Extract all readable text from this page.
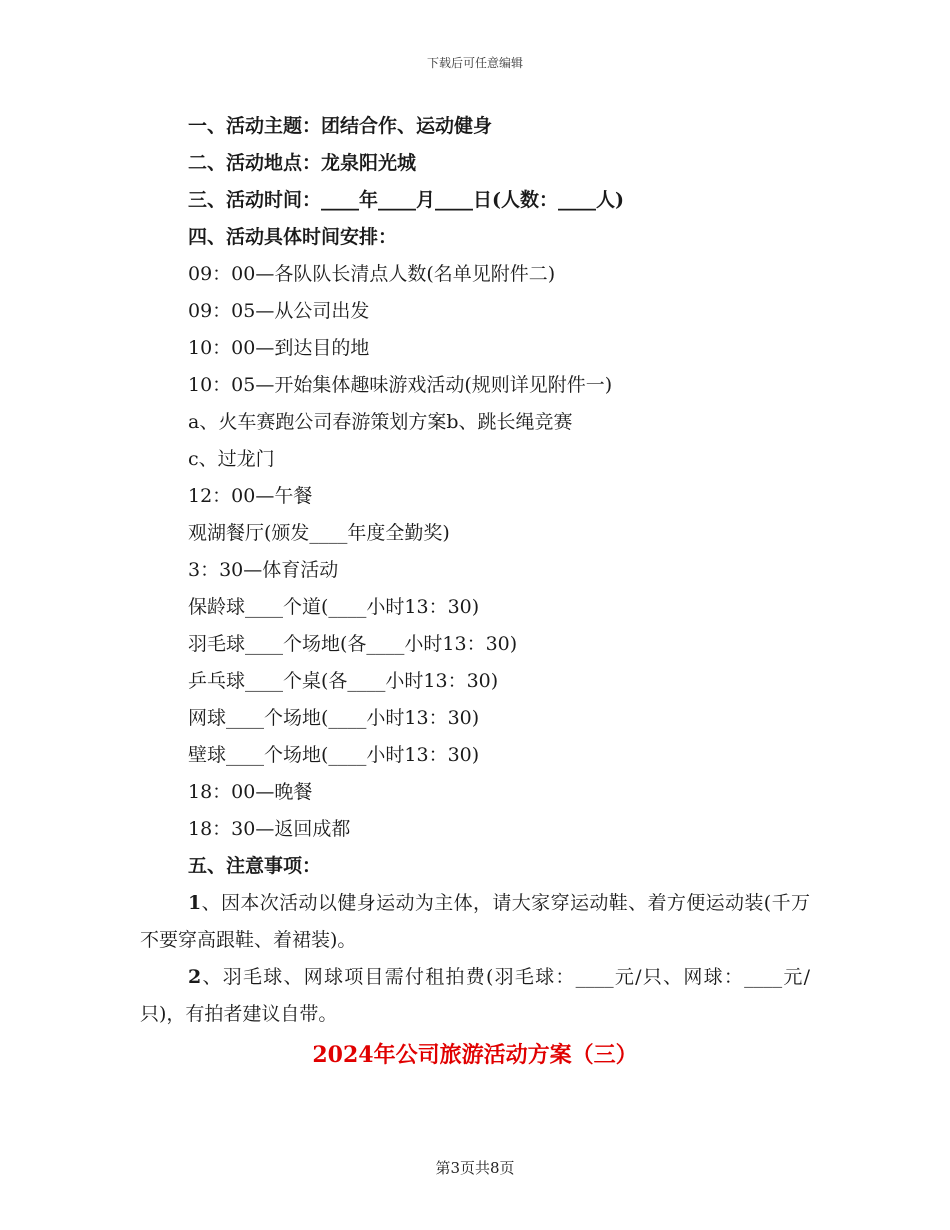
下载后可任意编辑
一、活动主题：团结合作、运动健身
二、活动地点：龙泉阳光城
三、活动时间：____年____月____日(人数：____人)
四、活动具体时间安排：
09：00—各队队长清点人数(名单见附件二)
09：05—从公司出发
10：00—到达目的地
10：05—开始集体趣味游戏活动(规则详见附件一)
a、火车赛跑公司春游策划方案b、跳长绳竞赛
c、过龙门
12：00—午餐
观湖餐厅(颁发____年度全勤奖)
3：30—体育活动
保龄球____个道(____小时13：30)
羽毛球____个场地(各____小时13：30)
乒乓球____个桌(各____小时13：30)
网球____个场地(____小时13：30)
壁球____个场地(____小时13：30)
18：00—晚餐
18：30—返回成都
五、注意事项：
1、因本次活动以健身运动为主体，请大家穿运动鞋、着方便运动装(千万不要穿高跟鞋、着裙装)。
2、羽毛球、网球项目需付租拍费(羽毛球：____元/只、网球：____元/只)，有拍者建议自带。
2024年公司旅游活动方案（三）
第3页共8页
